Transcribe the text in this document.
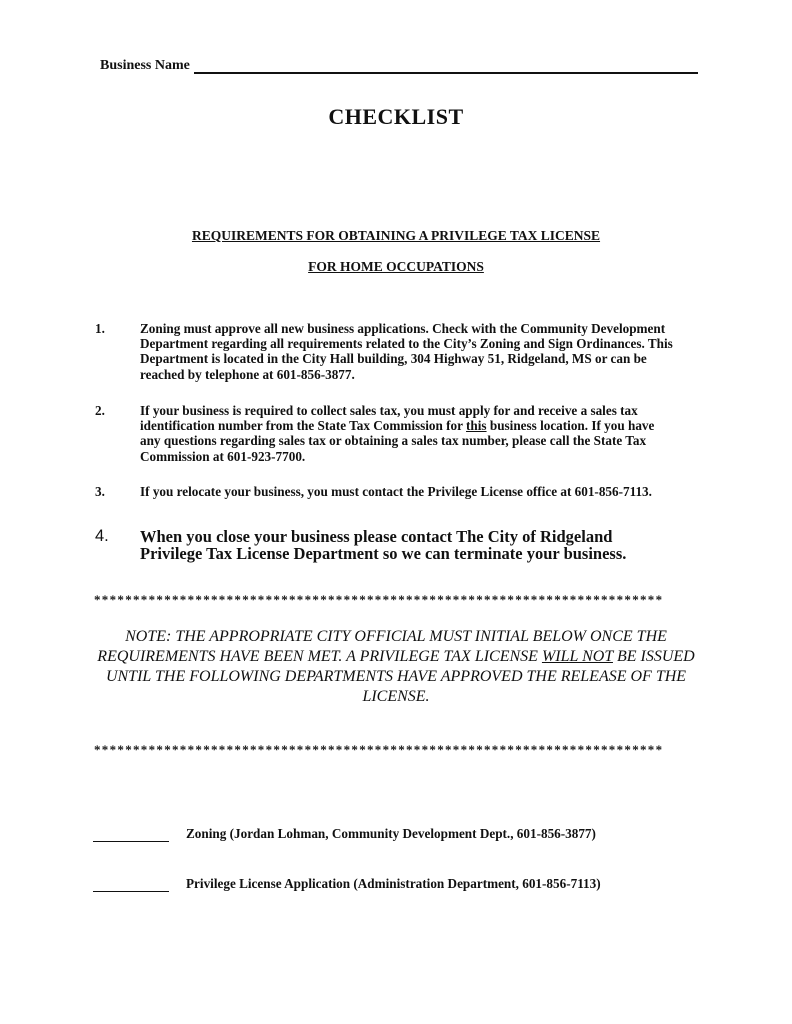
Business Name
CHECKLIST
REQUIREMENTS FOR OBTAINING A PRIVILEGE TAX LICENSE
FOR HOME OCCUPATIONS
1.	Zoning must approve all new business applications. Check with the Community Development Department regarding all requirements related to the City’s Zoning and Sign Ordinances. This Department is located in the City Hall building, 304 Highway 51, Ridgeland, MS or can be reached by telephone at 601-856-3877.
2.	If your business is required to collect sales tax, you must apply for and receive a sales tax identification number from the State Tax Commission for this business location. If you have any questions regarding sales tax or obtaining a sales tax number, please call the State Tax Commission at 601-923-7700.
3.	If you relocate your business, you must contact the Privilege License office at 601-856-7113.
4.	When you close your business please contact The City of Ridgeland Privilege Tax License Department so we can terminate your business.
*************************************************************************
NOTE: THE APPROPRIATE CITY OFFICIAL MUST INITIAL BELOW ONCE THE REQUIREMENTS HAVE BEEN MET. A PRIVILEGE TAX LICENSE WILL NOT BE ISSUED UNTIL THE FOLLOWING DEPARTMENTS HAVE APPROVED THE RELEASE OF THE LICENSE.
*************************************************************************
Zoning (Jordan Lohman, Community Development Dept., 601-856-3877)
Privilege License Application (Administration Department, 601-856-7113)
